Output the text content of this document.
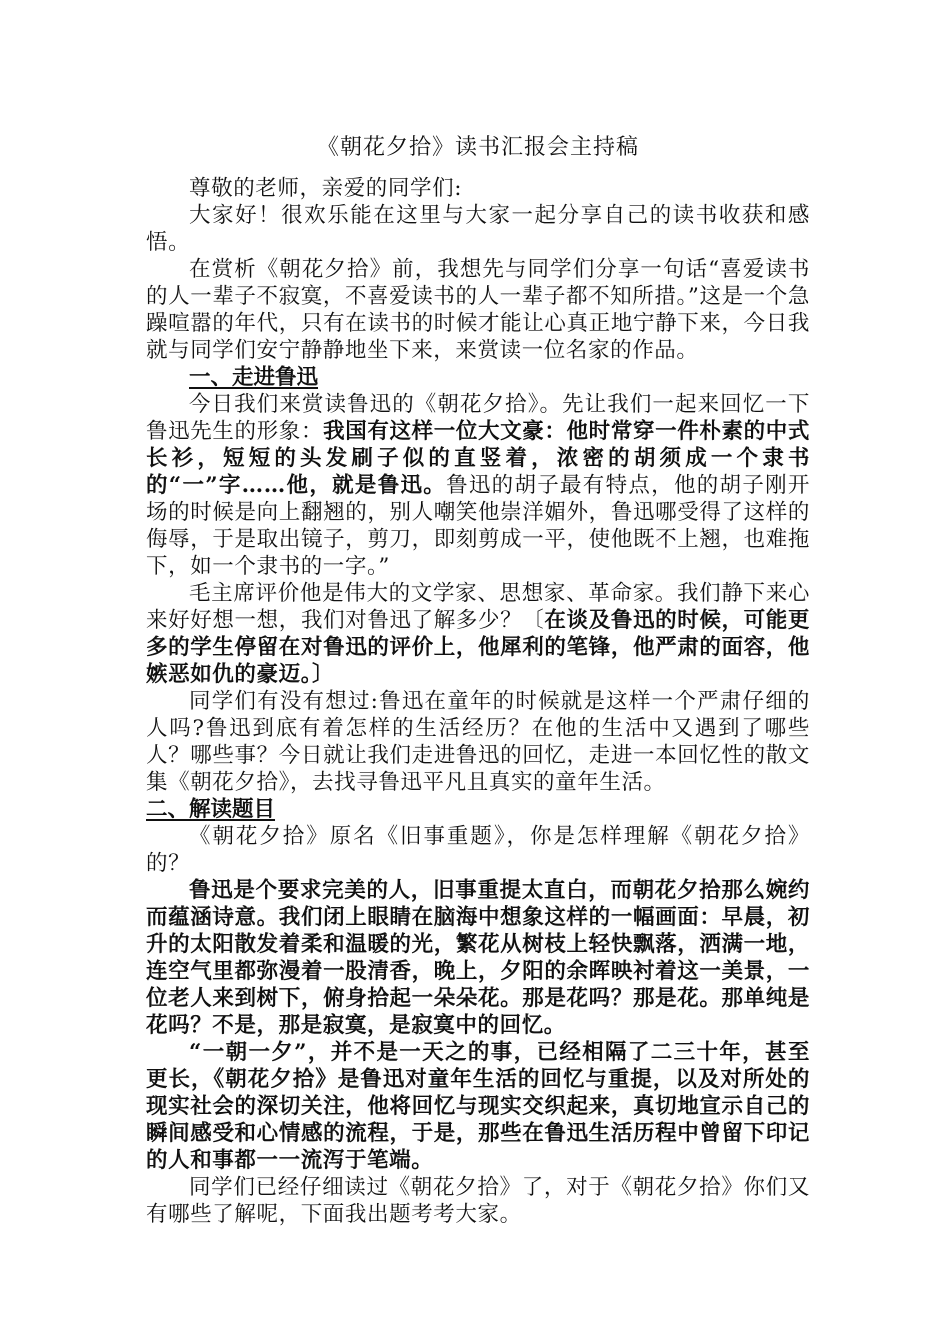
《朝花夕拾》读书汇报会主持稿

尊敬的老师，亲爱的同学们:

大家好！很欢乐能在这里与大家一起分享自己的读书收获和感悟。

在赏析《朝花夕拾》前，我想先与同学们分享一句话“喜爱读书的人一辈子不寂寞，不喜爱读书的人一辈子都不知所措。”这是一个急躁喧嚣的年代，只有在读书的时候才能让心真正地宁静下来，今日我就与同学们安宁静静地坐下来，来赏读一位名家的作品。

一、走进鲁迅

今日我们来赏读鲁迅的《朝花夕拾》。先让我们一起来回忆一下鲁迅先生的形象：我国有这样一位大文豪：他时常穿一件朴素的中式长衫，短短的头发刷子似的直竖着，浓密的胡须成一个隶书的“一”字……他，就是鲁迅。鲁迅的胡子最有特点，他的胡子刚开场的时候是向上翻翘的，别人嘲笑他崇洋媚外，鲁迅哪受得了这样的侮辱，于是取出镜子，剪刀，即刻剪成一平，使他既不上翘，也难拖下，如一个隶书的一字。”

毛主席评价他是伟大的文学家、思想家、革命家。我们静下来心来好好想一想，我们对鲁迅了解多少？〔在谈及鲁迅的时候，可能更多的学生停留在对鲁迅的评价上，他犀利的笔锋，他严肃的面容，他嫉恶如仇的豪迈。〕

同学们有没有想过:鲁迅在童年的时候就是这样一个严肃仔细的人吗?鲁迅到底有着怎样的生活经历？在他的生活中又遇到了哪些人？哪些事？今日就让我们走进鲁迅的回忆，走进一本回忆性的散文集《朝花夕拾》，去找寻鲁迅平凡且真实的童年生活。

二、解读题目

《朝花夕拾》原名《旧事重题》，你是怎样理解《朝花夕拾》的？

鲁迅是个要求完美的人，旧事重提太直白，而朝花夕拾那么婉约而蕴涵诗意。我们闭上眼睛在脑海中想象这样的一幅画面：早晨，初升的太阳散发着柔和温暖的光，繁花从树枝上轻快飘落，洒满一地，连空气里都弥漫着一股清香，晚上，夕阳的余晖映衬着这一美景，一位老人来到树下，俯身拾起一朵朵花。那是花吗？那是花。那单纯是花吗？不是，那是寂寞，是寂寞中的回忆。

“一朝一夕”，并不是一天之的事，已经相隔了二三十年，甚至更长，《朝花夕拾》是鲁迅对童年生活的回忆与重提，以及对所处的现实社会的深切关注，他将回忆与现实交织起来，真切地宣示自己的瞬间感受和心情感的流程，于是，那些在鲁迅生活历程中曾留下印记的人和事都一一流泻于笔端。

同学们已经仔细读过《朝花夕拾》了，对于《朝花夕拾》你们又有哪些了解呢，下面我出题考考大家。
